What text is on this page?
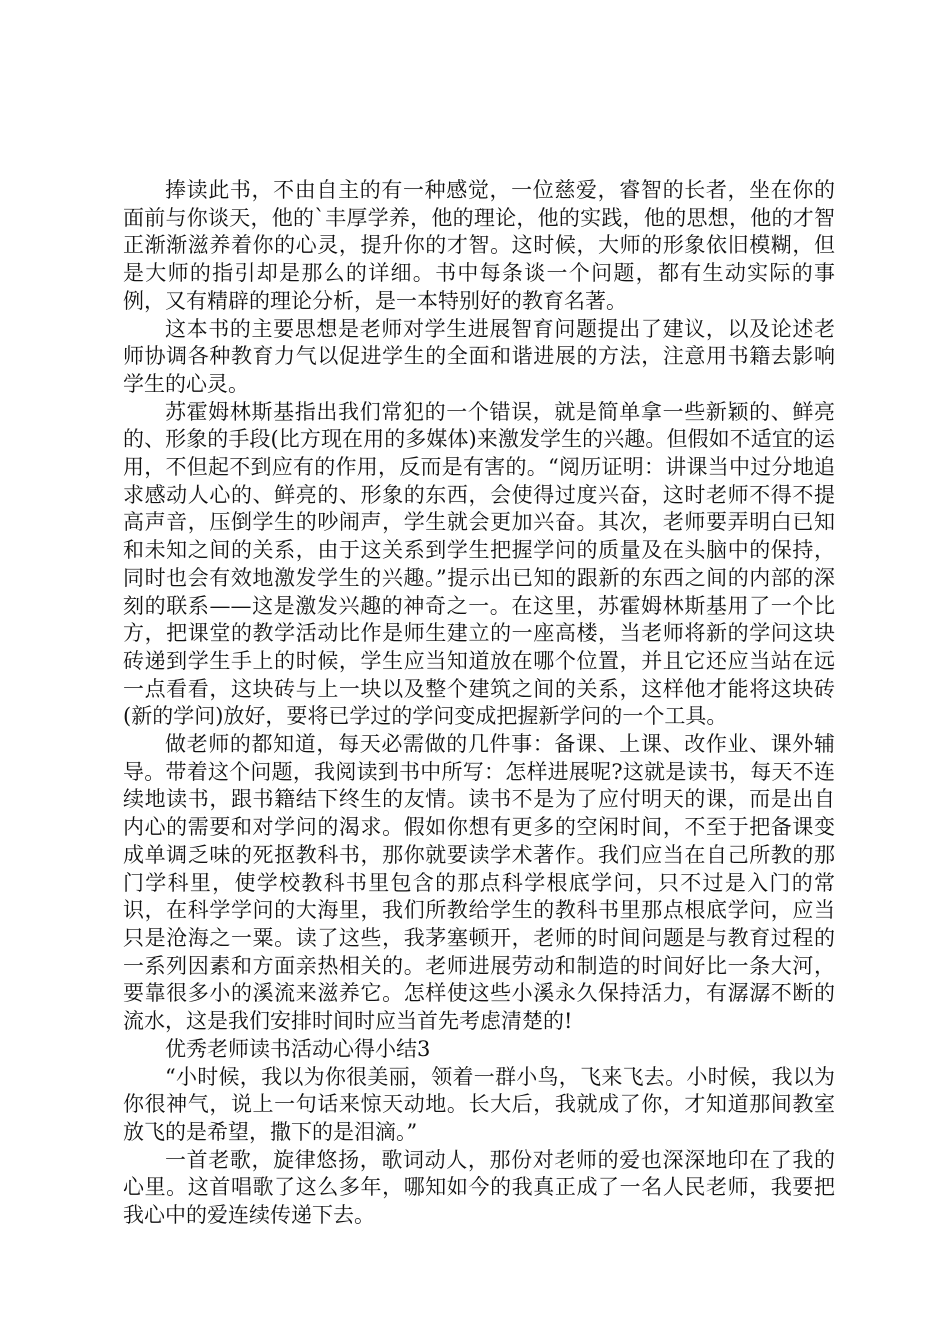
捧读此书，不由自主的有一种感觉，一位慈爱，睿智的长者，坐在你的面前与你谈天，他的`丰厚学养，他的理论，他的实践，他的思想，他的才智正渐渐滋养着你的心灵，提升你的才智。这时候，大师的形象依旧模糊，但是大师的指引却是那么的详细。书中每条谈一个问题，都有生动实际的事例，又有精辟的理论分析，是一本特别好的教育名著。

这本书的主要思想是老师对学生进展智育问题提出了建议，以及论述老师协调各种教育力气以促进学生的全面和谐进展的方法，注意用书籍去影响学生的心灵。

苏霍姆林斯基指出我们常犯的一个错误，就是简单拿一些新颖的、鲜亮的、形象的手段(比方现在用的多媒体)来激发学生的兴趣。但假如不适宜的运用，不但起不到应有的作用，反而是有害的。“阅历证明：讲课当中过分地追求感动人心的、鲜亮的、形象的东西，会使得过度兴奋，这时老师不得不提高声音，压倒学生的吵闹声，学生就会更加兴奋。其次，老师要弄明白已知和未知之间的关系，由于这关系到学生把握学问的质量及在头脑中的保持，同时也会有效地激发学生的兴趣。”提示出已知的跟新的东西之间的内部的深刻的联系——这是激发兴趣的神奇之一。在这里，苏霍姆林斯基用了一个比方，把课堂的教学活动比作是师生建立的一座高楼，当老师将新的学问这块砖递到学生手上的时候，学生应当知道放在哪个位置，并且它还应当站在远一点看看，这块砖与上一块以及整个建筑之间的关系，这样他才能将这块砖(新的学问)放好，要将已学过的学问变成把握新学问的一个工具。

做老师的都知道，每天必需做的几件事：备课、上课、改作业、课外辅导。带着这个问题，我阅读到书中所写：怎样进展呢?这就是读书，每天不连续地读书，跟书籍结下终生的友情。读书不是为了应付明天的课，而是出自内心的需要和对学问的渴求。假如你想有更多的空闲时间，不至于把备课变成单调乏味的死抠教科书，那你就要读学术著作。我们应当在自己所教的那门学科里，使学校教科书里包含的那点科学根底学问，只不过是入门的常识，在科学学问的大海里，我们所教给学生的教科书里那点根底学问，应当只是沧海之一粟。读了这些，我茅塞顿开，老师的时间问题是与教育过程的一系列因素和方面亲热相关的。老师进展劳动和制造的时间好比一条大河，要靠很多小的溪流来滋养它。怎样使这些小溪永久保持活力，有潺潺不断的流水，这是我们安排时间时应当首先考虑清楚的!

优秀老师读书活动心得小结3

“小时候，我以为你很美丽，领着一群小鸟，飞来飞去。小时候，我以为你很神气，说上一句话来惊天动地。长大后，我就成了你，才知道那间教室放飞的是希望，撒下的是泪滴。”

一首老歌，旋律悠扬，歌词动人，那份对老师的爱也深深地印在了我的心里。这首唱歌了这么多年，哪知如今的我真正成了一名人民老师，我要把我心中的爱连续传递下去。
